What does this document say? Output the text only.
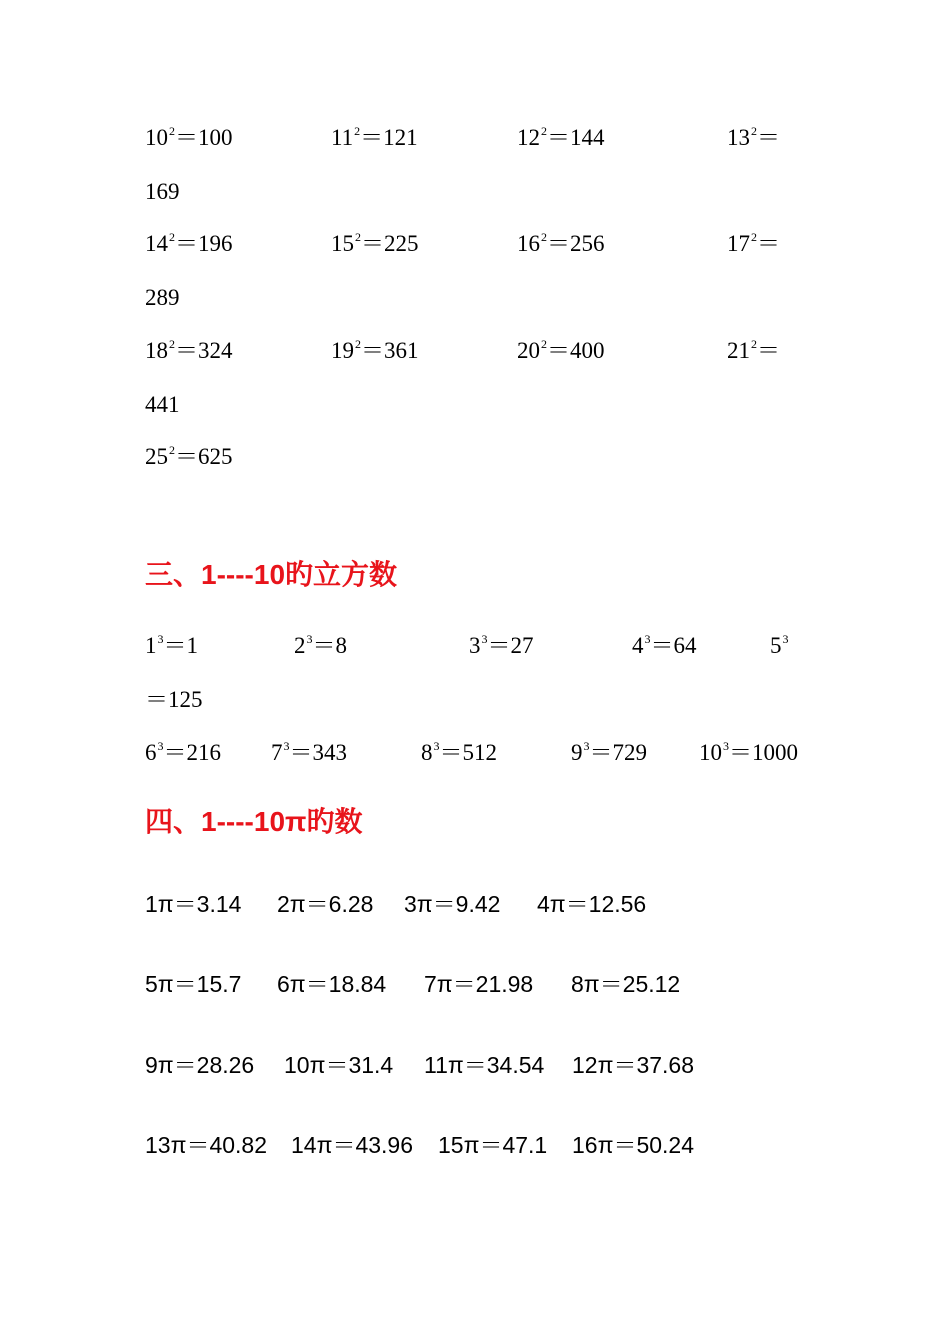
三、1----10旳立方数
四、1----10π旳数
$10^2=100$	$11^2=121$	$12^2=144$	$13^2=$
169
$14^2=196$	$15^2=225$	$16^2=256$	$17^2=$
289
$18^2=324$	$19^2=361$	$20^2=400$	$21^2=$
441
$25^2=625$
$1^3=1$	$2^3=8$	$3^3=27$	$4^3=64$	$5^3$
＝125
$6^3=216$ $7^3=343$	$8^3=512$	$9^3=729$ $10^3=1000$
1π＝3.14 2π＝6.28 3π＝9.42 4π＝12.56
5π＝15.7 6π＝18.84 7π＝21.98 8π＝25.12
9π＝28.26 10π＝31.4 11π＝34.54 12π＝37.68
13π＝40.82 14π＝43.96 15π＝47.1 16π＝50.24
